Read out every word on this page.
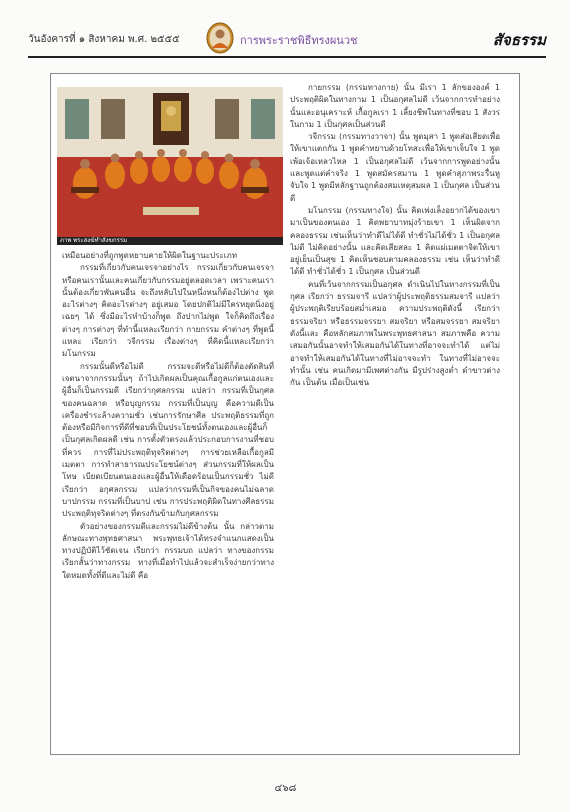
วันอังคารที่ ๑ สิงหาคม พ.ศ. ๒๕๕๕	การพระราชพิธีทรงผนวช	สัจธรรม
ภาพ พระสงฆ์ทำสังฆกรรม

เหมือนอย่างที่ถูกพูดหยาบคายให้ผิดในฐานะประเภท

กรรมที่เกี่ยวกับคนเจรจาอย่างไร กรรมเกี่ยวกับคนเจรจา หรือคนเรานั้นและคนเกี่ยวกับกรรมอยู่ตลอดเวลา เพราะคนเรานั้นต้องเกี่ยวพันคนอื่น จะถึงหลับไปในหนึ่งหนก็ต้องไปต่าง พูดอะไรต่างๆ คิดอะไรต่างๆ อยู่เสมอ โดยปกติไม่มีใครหยุดนิ่งอยู่เฉยๆ ได้ ซึ่งมีอะไรทำบ้างก็พูด ถึงปากไม่พูด ใจก็คิดถึงเรื่องต่างๆ การต่างๆ ที่ทำนี้แหละเรียกว่า กายกรรม คำต่างๆ ที่พูดนี้แหละ เรียกว่า วจีกรรม เรื่องต่างๆ ที่คิดนี้แหละเรียกว่า มโนกรรม

กรรมนั้นดีหรือไม่ดี กรรมจะดีหรือไม่ดีก็ต้องตัดสินที่เจตนาจากกรรมนั้นๆ ถ้าไปเกิดผลเป็นคุณเกื้อกูลแก่ตนเองและผู้อื่นก็เป็นกรรมดี เรียกว่ากุศลกรรม แปลว่า กรรมที่เป็นกุศลของคนฉลาด หรือบุญกรรม กรรมที่เป็นบุญ คือความดีเป็นเครื่องชำระล้างความชั่ว เช่นการรักษาศีล ประพฤติธรรมที่ถูกต้องหรือมีกิจการที่ดีที่ชอบที่เป็นประโยชน์ทั้งตนเองและผู้อื่นก็เป็นกุศลเกิดผลดี เช่น การตั้งตัวตรงแล้วประกอบการงานที่ชอบที่ควร การที่ไม่ประพฤติทุจริตต่างๆ การช่วยเหลือเกื้อกูลมีเมตตา การทำสาธารณประโยชน์ต่างๆ ส่วนกรรมที่ให้ผลเป็นโทษ เบียดเบียนตนเองและผู้อื่นให้เดือดร้อนเป็นกรรมชั่ว ไม่ดี เรียกว่า อกุศลกรรม แปลว่ากรรมที่เป็นกิจของคนไม่ฉลาด บาปกรรม กรรมที่เป็นบาป เช่น การประพฤติผิดในทางศีลธรรม ประพฤติทุจริตต่างๆ ที่ตรงกันข้ามกับกุศลกรรม

ตัวอย่างของกรรมดีและกรรมไม่ดีข้างต้น นั้น กล่าวตามลักษณะทางพุทธศาสนา พระพุทธเจ้าได้ทรงจำแนกแสดงเป็นทางปฏิบัติไว้ชัดเจน เรียกว่า กรรมบถ แปลว่า ทางของกรรม เรียกสั้นว่าทางกรรม ทางที่เมื่อทำไปแล้วจะสำเร็จง่ายกว่าทางใดหมดทั้งที่ดีและไม่ดี คือ

กายกรรม (กรรมทางกาย) นั้น มีเรา 1 ลักขององค์ 1 ประพฤติผิดในทางกาม 1 เป็นอกุศลไม่ดี เว้นจากการทำอย่างนั้นและอนุเคราะห์ เกื้อกูลเรา 1 เลี้ยงชีพในทางที่ชอบ 1 สังวรในกาม 1 เป็นกุศลเป็นส่วนดี

วจีกรรม (กรรมทางวาจา) นั้น พูดมุสา 1 พูดส่อเสียดเพื่อให้เขาแตกกัน 1 พูดคำหยาบด้วยโทสะเพื่อให้เขาเจ็บใจ 1 พูดเพ้อเจ้อเหลวไหล 1 เป็นอกุศลไม่ดี เว้นจากการพูดอย่างนั้น และพูดแต่คำจริง 1 พูดสมัครสมาน 1 พูดคำสุภาพระรื่นหูจับใจ 1 พูดมีหลักฐานถูกต้องสมเหตุสมผล 1 เป็นกุศล เป็นส่วนดี

มโนกรรม (กรรมทางใจ) นั้น คิดเพ่งเล็งอยากได้ของเขามาเป็นของตนเอง 1 คิดพยาบาทมุ่งร้ายเขา 1 เห็นผิดจากคลองธรรม เช่นเห็นว่าทำดีไม่ได้ดี ทำชั่วไม่ได้ชั่ว 1 เป็นอกุศลไม่ดี ไม่คิดอย่างนั้น และคิดเสียสละ 1 คิดแผ่เมตตาจิตให้เขาอยู่เย็นเป็นสุข 1 คิดเห็นชอบตามคลองธรรม เช่น เห็นว่าทำดีได้ดี ทำชั่วได้ชั่ว 1 เป็นกุศล เป็นส่วนดี

คนที่เว้นจากกรรมเป็นอกุศล ดำเนินไปในทางกรรมที่เป็นกุศล เรียกว่า ธรรมจารี แปลว่าผู้ประพฤติธรรมสมจารี แปลว่า ผู้ประพฤติเรียบร้อยสม่ำเสมอ ความประพฤติดังนี้ เรียกว่า ธรรมจริยา หรือธรรมจรรยา สมจริยา หรือสมจรรยา สมจริยาดังนี้และ คือหลักสมภาพในพระพุทธศาสนา สมภาพคือ ความเสมอกันนั้นอาจทำให้เสมอกันได้ในทางที่อาจจะทำได้ แต่ไม่อาจทำให้เสมอกันได้ในทางที่ไม่อาจจะทำ ในทางที่ไม่อาจจะทำนั้น เช่น คนเกิดมามีเพศต่างกัน มีรูปร่างสูงต่ำ ดำขาวต่างกัน เป็นต้น เมื่อเป็นเช่น

๔๖๘
